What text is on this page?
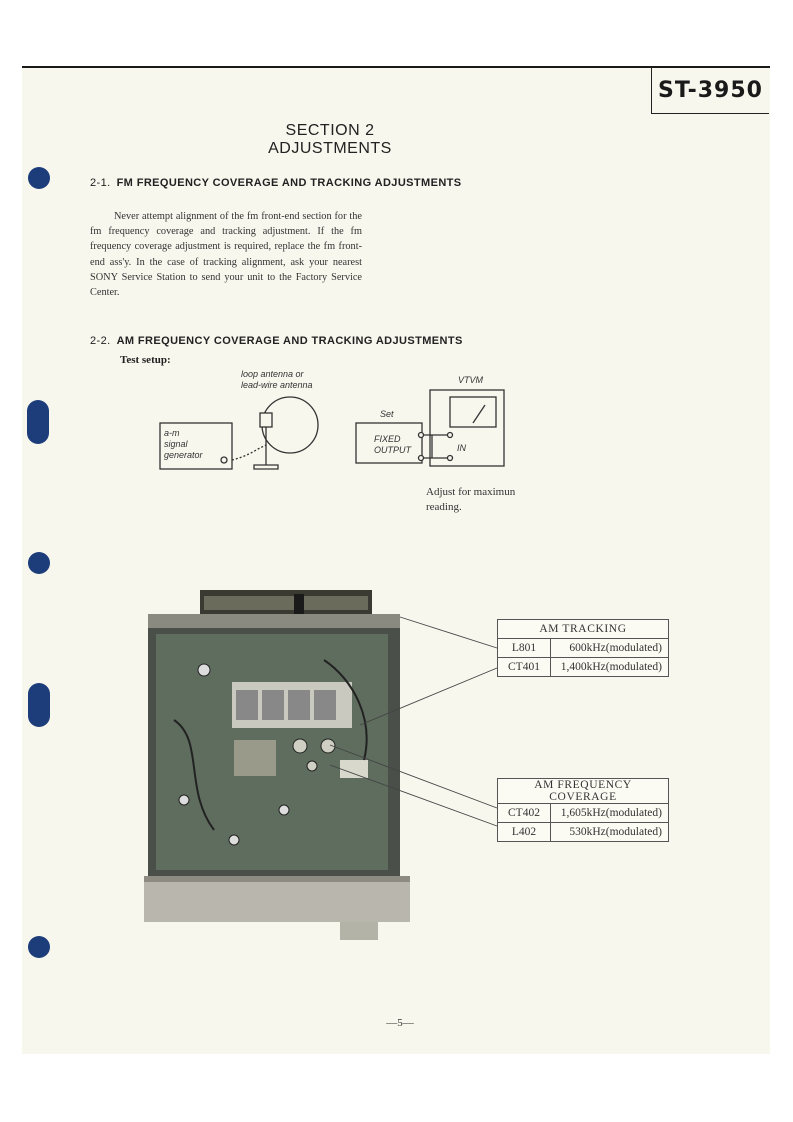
ST-3950
SECTION 2
ADJUSTMENTS
2-1. FM FREQUENCY COVERAGE AND TRACKING ADJUSTMENTS

Never attempt alignment of the fm front-end section for the fm frequency coverage and tracking adjustment. If the fm frequency coverage adjustment is required, replace the fm front-end ass'y. In the case of tracking alignment, ask your nearest SONY Service Station to send your unit to the Factory Service Center.

2-2. AM FREQUENCY COVERAGE AND TRACKING ADJUSTMENTS
Test setup:
loop antenna or
lead-wire antenna
a-m
signal
generator
Set
FIXED
OUTPUT
VTVM
IN
Adjust for maximun reading.
AM TRACKING	
L801	600kHz(modulated)
CT401	1,400kHz(modulated)
AM FREQUENCY COVERAGE	
CT402	1,605kHz(modulated)
L402	530kHz(modulated)
—5—
